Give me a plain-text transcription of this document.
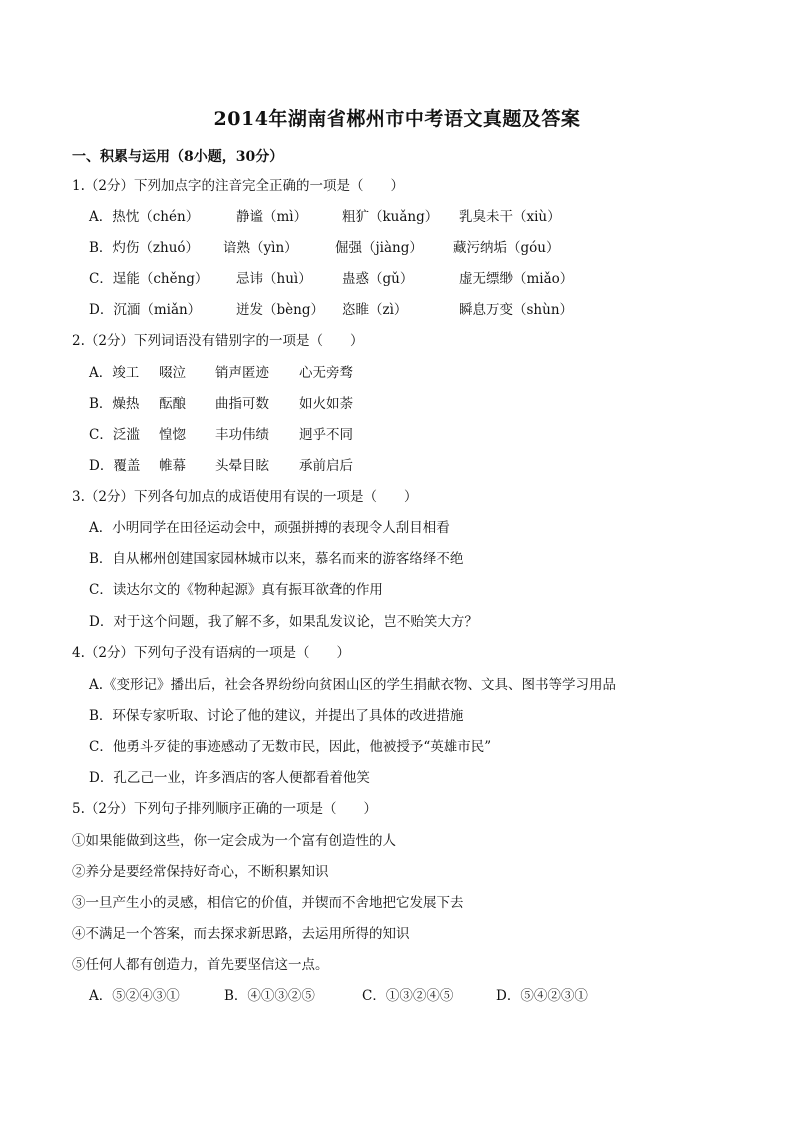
2014年湖南省郴州市中考语文真题及答案
一、积累与运用（8小题，30分）
1.（2分）下列加点字的注音完全正确的一项是（　　）
A．热忱（chén）	静谧（mì）	粗犷（kuǎng） 乳臭未干（xiù）
B．灼伤（zhuó） 谙熟（yìn）	倔强（jiàng） 藏污纳垢（góu）
C．逞能（chěng） 忌讳（huì） 蛊惑（gǔ）	虚无缥缈（miǎo）
D．沉湎（miǎn）	迸发（bèng） 恣睢（zì）	瞬息万变（shùn）
2.（2分）下列词语没有错别字的一项是（　　）
A．竣工 啜泣 销声匿迹 心无旁骛
B．燥热 酝酿 曲指可数 如火如荼
C．泛滥 惶惚 丰功伟绩 迥乎不同
D．覆盖 帷幕 头晕目眩 承前启后
3.（2分）下列各句加点的成语使用有误的一项是（　　）
A．小明同学在田径运动会中，顽强拼搏的表现令人刮目相看
B．自从郴州创建国家园林城市以来，慕名而来的游客络绎不绝
C．读达尔文的《物种起源》真有振耳欲聋的作用
D．对于这个问题，我了解不多，如果乱发议论，岂不贻笑大方？
4.（2分）下列句子没有语病的一项是（　　）
A.《变形记》播出后，社会各界纷纷向贫困山区的学生捐献衣物、文具、图书等学习用品
B．环保专家听取、讨论了他的建议，并提出了具体的改进措施
C．他勇斗歹徒的事迹感动了无数市民，因此，他被授予“英雄市民”
D．孔乙己一业，许多酒店的客人便都看着他笑
5.（2分）下列句子排列顺序正确的一项是（　　）
①如果能做到这些，你一定会成为一个富有创造性的人
②养分是要经常保持好奇心，不断积累知识
③一旦产生小的灵感，相信它的价值，并锲而不舍地把它发展下去
④不满足一个答案，而去探求新思路，去运用所得的知识
⑤任何人都有创造力，首先要坚信这一点。
A．⑤②④③①	B．④①③②⑤	C．①③②④⑤	D．⑤④②③①
